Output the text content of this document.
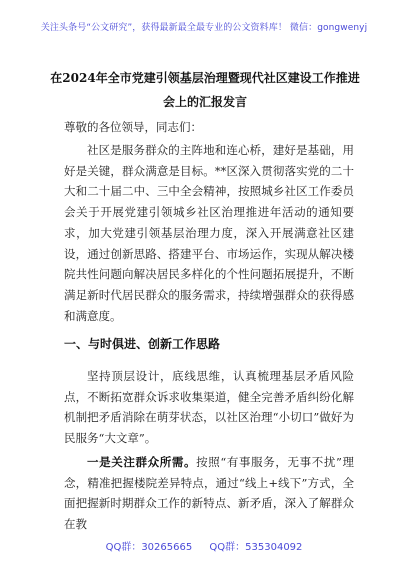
关注头条号“公文研究”，获得最新最全最专业的公文资料库！ 微信：gongwenyj
在2024年全市党建引领基层治理暨现代社区建设工作推进
会上的汇报发言
尊敬的各位领导，同志们：

社区是服务群众的主阵地和连心桥，建好是基础，用好是关键，群众满意是目标。**区深入贯彻落实党的二十大和二十届二中、三中全会精神，按照城乡社区工作委员会关于开展党建引领城乡社区治理推进年活动的通知要求，加大党建引领基层治理力度，深入开展满意社区建设，通过创新思路、搭建平台、市场运作，实现从解决楼院共性问题向解决居民多样化的个性问题拓展提升，不断满足新时代居民群众的服务需求，持续增强群众的获得感和满意度。

一、与时俱进、创新工作思路

坚持顶层设计，底线思维，认真梳理基层矛盾风险点，不断拓宽群众诉求收集渠道，健全完善矛盾纠纷化解机制把矛盾消除在萌芽状态，以社区治理“小切口”做好为民服务“大文章”。

一是关注群众所需。按照“有事服务，无事不扰”理念，精准把握楼院差异特点，通过“线上+线下”方式，全面把握新时期群众工作的新特点、新矛盾，深入了解群众在教

QQ群：30265665 QQ群：535304092
